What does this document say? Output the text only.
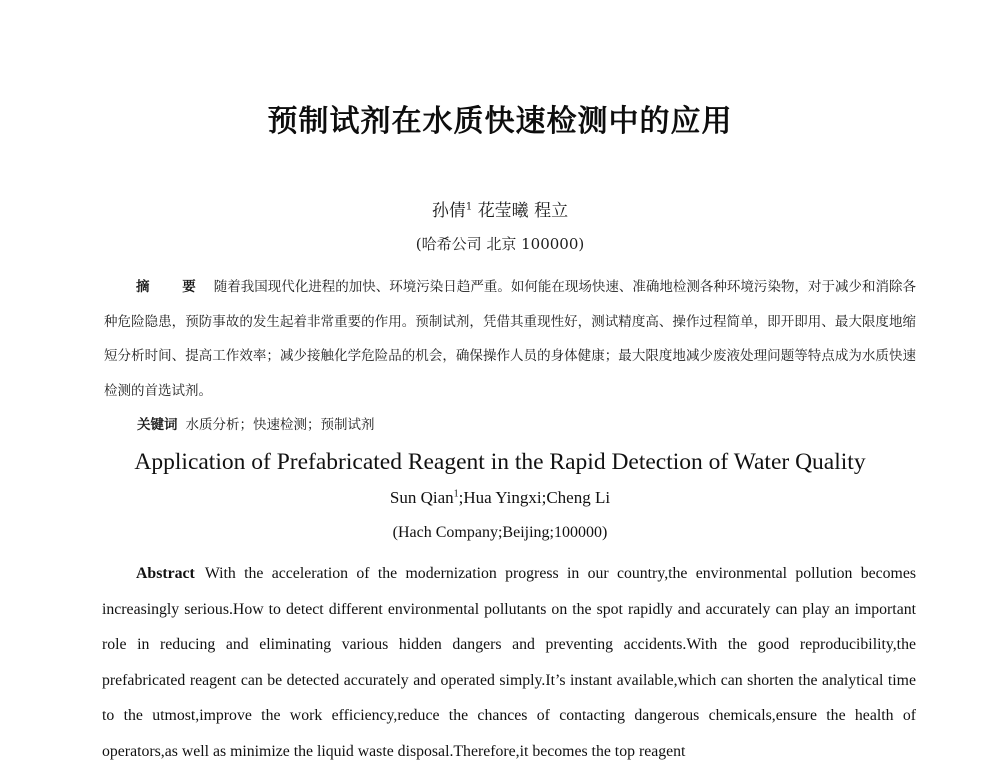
预制试剂在水质快速检测中的应用
孙倩$^1$ 花莹曦 程立
(哈希公司 北京 100000)

摘 要 随着我国现代化进程的加快、环境污染日趋严重。如何能在现场快速、准确地检测各种环境污染物，对于减少和消除各种危险隐患，预防事故的发生起着非常重要的作用。预制试剂，凭借其重现性好，测试精度高、操作过程简单，即开即用、最大限度地缩短分析时间、提高工作效率；减少接触化学危险品的机会，确保操作人员的身体健康；最大限度地减少废液处理问题等特点成为水质快速检测的首选试剂。

关键词 水质分析；快速检测；预制试剂
Application of Prefabricated Reagent in the Rapid Detection of Water Quality
Sun Qian$^1$;Hua Yingxi;Cheng Li
(Hach Company;Beijing;100000)

Abstract With the acceleration of the modernization progress in our country,the environmental pollution becomes increasingly serious.How to detect different environmental pollutants on the spot rapidly and accurately can play an important role in reducing and eliminating various hidden dangers and preventing accidents.With the good reproducibility,the prefabricated reagent can be detected accurately and operated simply.It’s instant available,which can shorten the analytical time to the utmost,improve the work efficiency,reduce the chances of contacting dangerous chemicals,ensure the health of operators,as well as minimize the liquid waste disposal.Therefore,it becomes the top reagent
